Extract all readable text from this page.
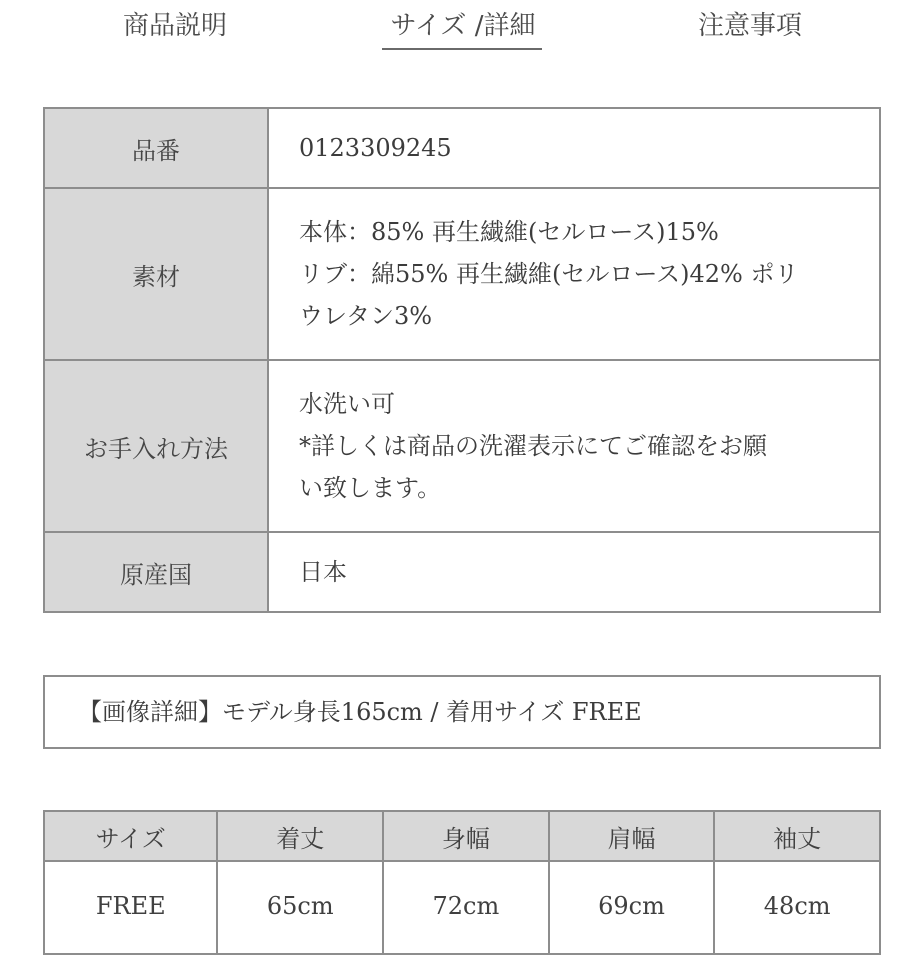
商品説明	サイズ /詳細	注意事項
品番	0123309245

素材	本体：85% 再生繊維(セルロース)15%
リブ：綿55% 再生繊維(セルロース)42% ポリ
ウレタン3%

お手入れ方法	水洗い可
*詳しくは商品の洗濯表示にてご確認をお願
い致します。

原産国	日本
【画像詳細】モデル身長165cm / 着用サイズ FREE
サイズ	着丈	身幅	肩幅	袖丈
FREE	65cm	72cm	69cm	48cm
